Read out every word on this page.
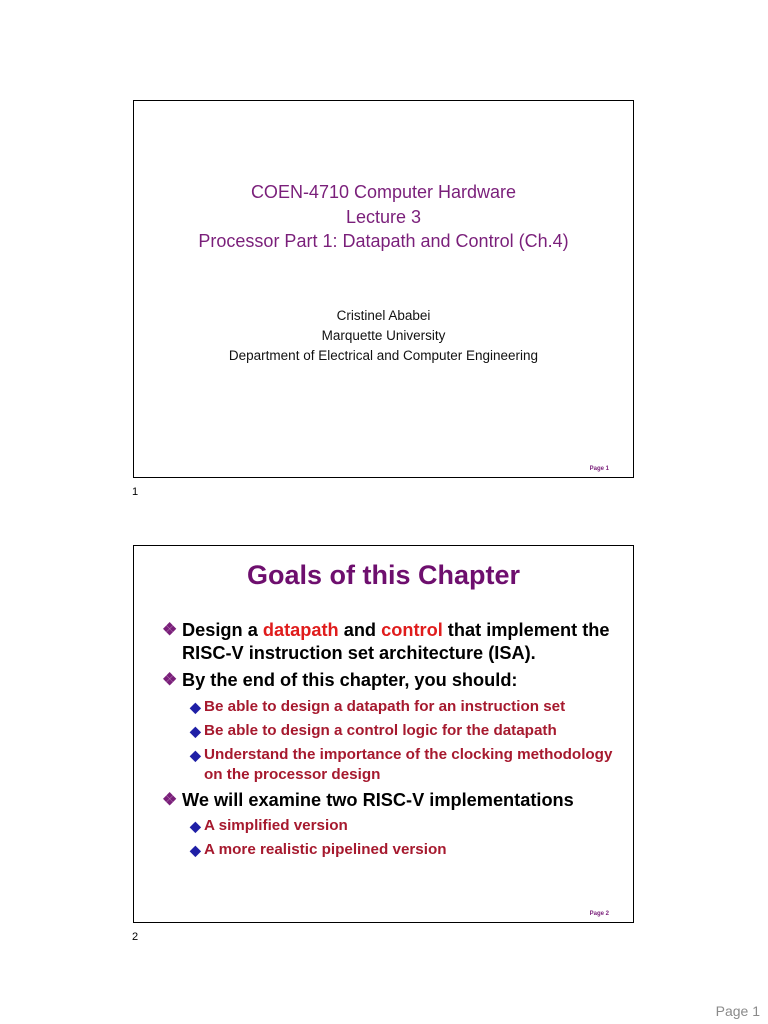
COEN-4710 Computer Hardware
Lecture 3
Processor Part 1: Datapath and Control (Ch.4)
Cristinel Ababei
Marquette University
Department of Electrical and Computer Engineering
Page 1
1
Goals of this Chapter
❖ Design a datapath and control that implement the RISC-V instruction set architecture (ISA).
❖ By the end of this chapter, you should:
◆ Be able to design a datapath for an instruction set
◆ Be able to design a control logic for the datapath
◆ Understand the importance of the clocking methodology on the processor design
❖ We will examine two RISC-V implementations
◆ A simplified version
◆ A more realistic pipelined version
Page 2
2
Page 1
